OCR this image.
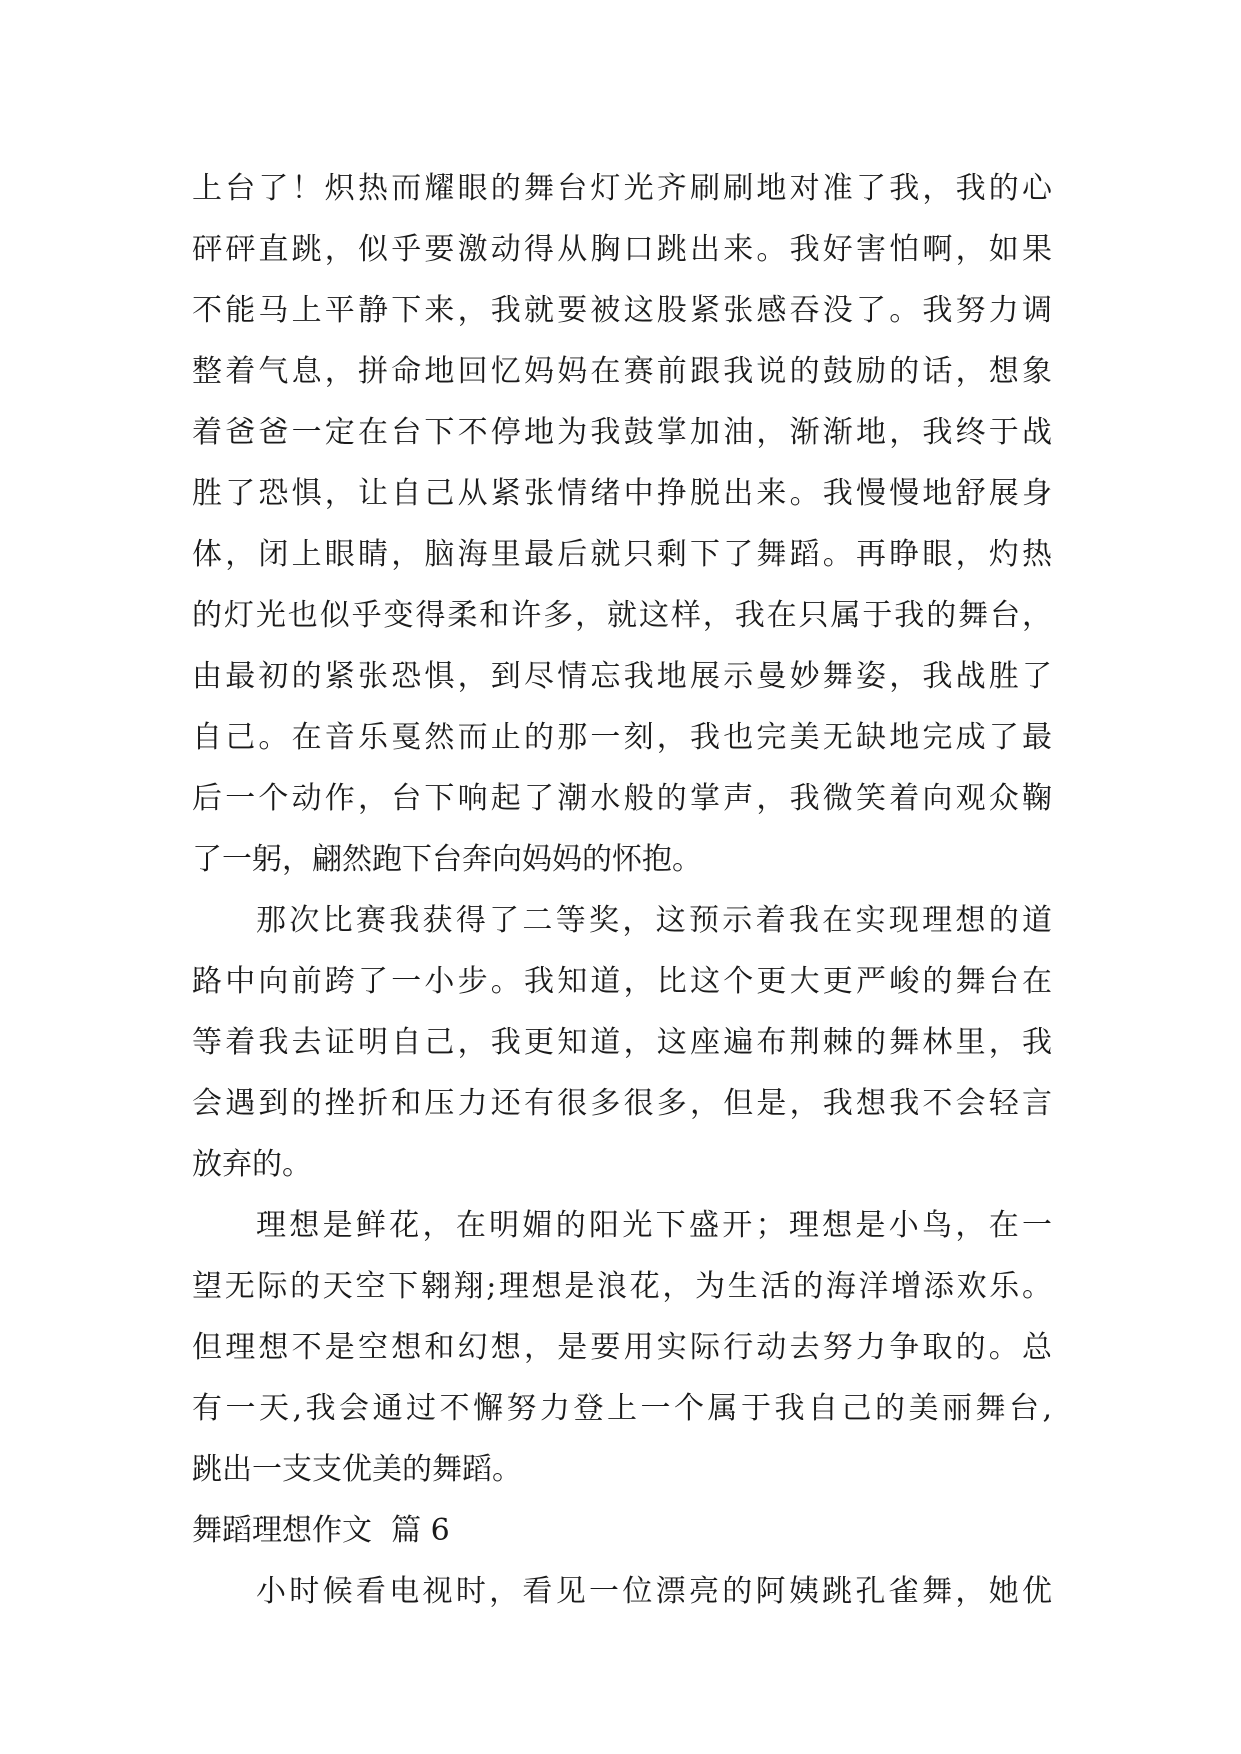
上台了！炽热而耀眼的舞台灯光齐刷刷地对准了我，我的心
砰砰直跳，似乎要激动得从胸口跳出来。我好害怕啊，如果
不能马上平静下来，我就要被这股紧张感吞没了。我努力调
整着气息，拼命地回忆妈妈在赛前跟我说的鼓励的话，想象
着爸爸一定在台下不停地为我鼓掌加油，渐渐地，我终于战
胜了恐惧，让自己从紧张情绪中挣脱出来。我慢慢地舒展身
体，闭上眼睛，脑海里最后就只剩下了舞蹈。再睁眼，灼热
的灯光也似乎变得柔和许多，就这样，我在只属于我的舞台，
由最初的紧张恐惧，到尽情忘我地展示曼妙舞姿，我战胜了
自己。在音乐戛然而止的那一刻，我也完美无缺地完成了最
后一个动作，台下响起了潮水般的掌声，我微笑着向观众鞠
了一躬，翩然跑下台奔向妈妈的怀抱。
那次比赛我获得了二等奖，这预示着我在实现理想的道
路中向前跨了一小步。我知道，比这个更大更严峻的舞台在
等着我去证明自己，我更知道，这座遍布荆棘的舞林里，我
会遇到的挫折和压力还有很多很多，但是，我想我不会轻言
放弃的。
理想是鲜花，在明媚的阳光下盛开；理想是小鸟，在一
望无际的天空下翱翔;理想是浪花，为生活的海洋增添欢乐。
但理想不是空想和幻想，是要用实际行动去努力争取的。总
有一天,我会通过不懈努力登上一个属于我自己的美丽舞台,
跳出一支支优美的舞蹈。
舞蹈理想作文  篇 6
小时候看电视时，看见一位漂亮的阿姨跳孔雀舞，她优
